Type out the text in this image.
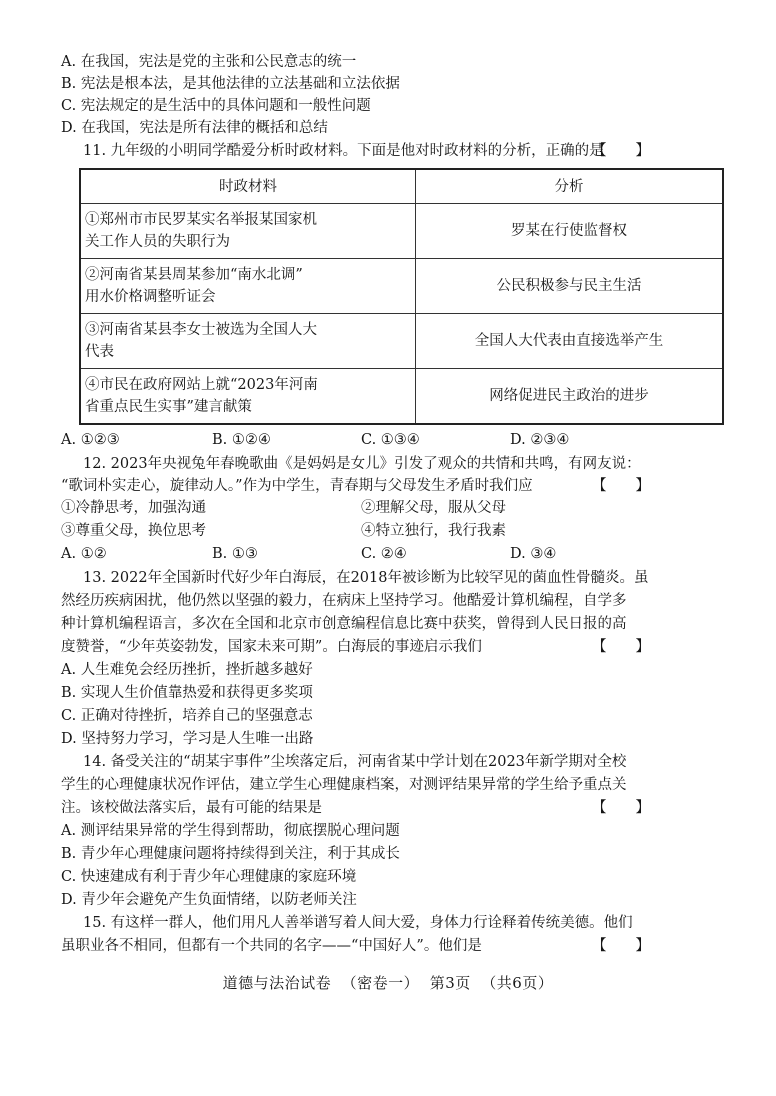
A. 在我国，宪法是党的主张和公民意志的统一
B. 宪法是根本法，是其他法律的立法基础和立法依据
C. 宪法规定的是生活中的具体问题和一般性问题
D. 在我国，宪法是所有法律的概括和总结
11. 九年级的小明同学酷爱分析时政材料。下面是他对时政材料的分析，正确的是
【　　】
时政材料	分析
①郑州市市民罗某实名举报某国家机
关工作人员的失职行为	罗某在行使监督权
②河南省某县周某参加“南水北调”
用水价格调整听证会	公民积极参与民主生活
③河南省某县李女士被选为全国人大
代表	全国人大代表由直接选举产生
④市民在政府网站上就“2023年河南
省重点民生实事”建言献策	网络促进民主政治的进步
A. ①②③	B. ①②④	C. ①③④	D. ②③④
12. 2023年央视兔年春晚歌曲《是妈妈是女儿》引发了观众的共情和共鸣，有网友说：
“歌词朴实走心，旋律动人。”作为中学生，青春期与父母发生矛盾时我们应	【　　】
①冷静思考，加强沟通	②理解父母，服从父母
③尊重父母，换位思考	④特立独行，我行我素
A. ①②	B. ①③	C. ②④	D. ③④
13. 2022年全国新时代好少年白海辰，在2018年被诊断为比较罕见的菌血性骨髓炎。虽
然经历疾病困扰，他仍然以坚强的毅力，在病床上坚持学习。他酷爱计算机编程，自学多
种计算机编程语言，多次在全国和北京市创意编程信息比赛中获奖，曾得到人民日报的高
度赞誉，“少年英姿勃发，国家未来可期”。白海辰的事迹启示我们	【　　】
A. 人生难免会经历挫折，挫折越多越好
B. 实现人生价值靠热爱和获得更多奖项
C. 正确对待挫折，培养自己的坚强意志
D. 坚持努力学习，学习是人生唯一出路
14. 备受关注的“胡某宇事件”尘埃落定后，河南省某中学计划在2023年新学期对全校
学生的心理健康状况作评估，建立学生心理健康档案，对测评结果异常的学生给予重点关
注。该校做法落实后，最有可能的结果是	【　　】
A. 测评结果异常的学生得到帮助，彻底摆脱心理问题
B. 青少年心理健康问题将持续得到关注，利于其成长
C. 快速建成有利于青少年心理健康的家庭环境
D. 青少年会避免产生负面情绪，以防老师关注
15. 有这样一群人，他们用凡人善举谱写着人间大爱，身体力行诠释着传统美德。他们
虽职业各不相同，但都有一个共同的名字——“中国好人”。他们是	【　　】
道德与法治试卷  （密卷一）  第3页  （共6页）
